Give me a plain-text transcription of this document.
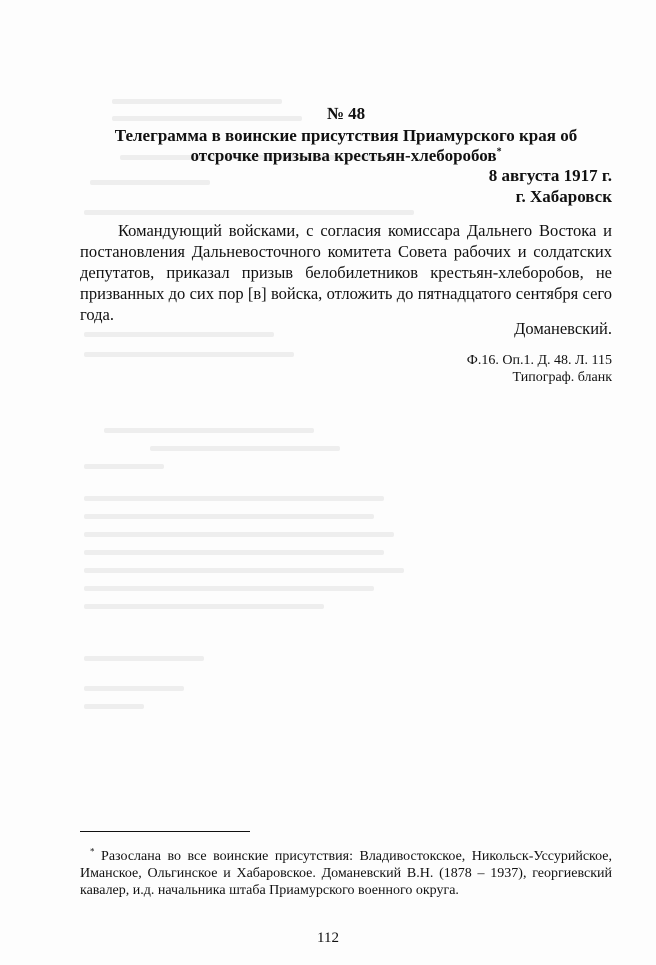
№ 48
Телеграмма в воинские присутствия Приамурского края об отсрочке призыва крестьян-хлеборобов*
8 августа 1917 г.
г. Хабаровск

Командующий войсками, с согласия комиссара Дальнего Востока и постановления Дальневосточного комитета Совета рабочих и солдатских депутатов, приказал призыв белобилетников крестьян-хлеборобов, не призванных до сих пор [в] войска, отложить до пятнадцатого сентября сего года.

Доманевский.
Ф.16. Оп.1. Д. 48. Л. 115
Типограф. бланк

* Разослана во все воинские присутствия: Владивостокское, Никольск-Уссурийское, Иманское, Ольгинское и Хабаровское. Доманевский В.Н. (1878 – 1937), георгиевский кавалер, и.д. начальника штаба Приамурского военного округа.

112
